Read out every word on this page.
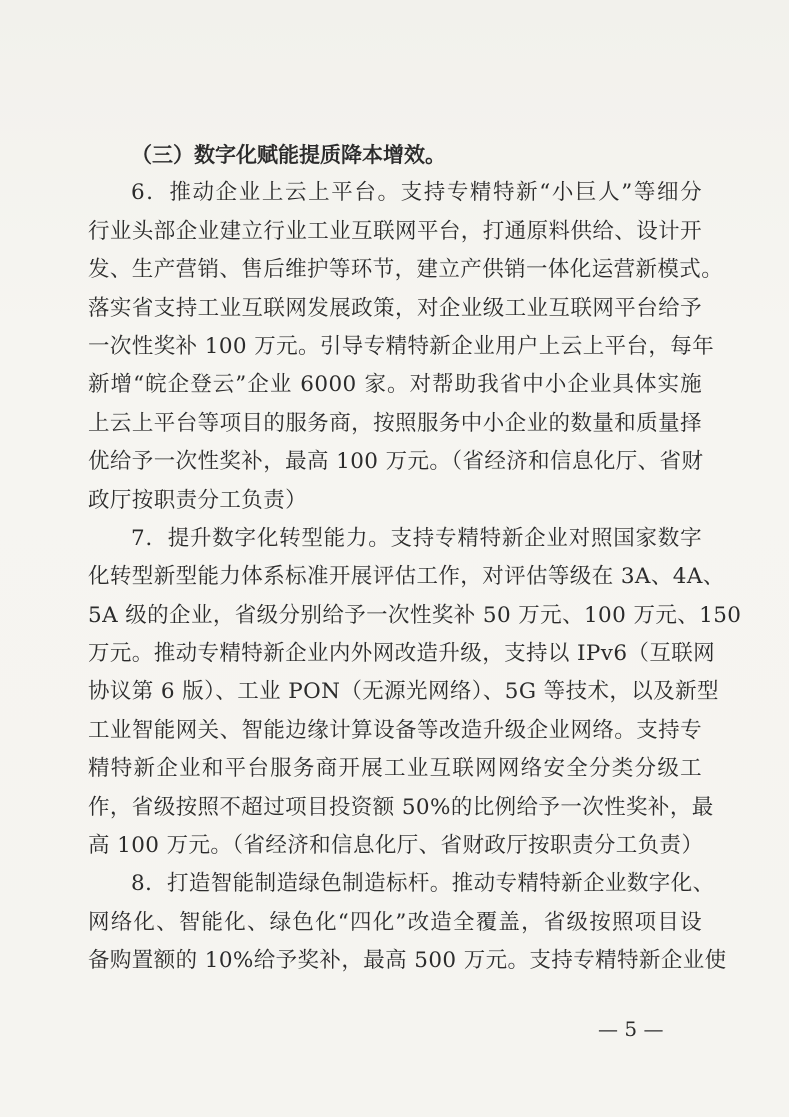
（三）数字化赋能提质降本增效。
6．推动企业上云上平台。支持专精特新“小巨人”等细分
行业头部企业建立行业工业互联网平台，打通原料供给、设计开
发、生产营销、售后维护等环节，建立产供销一体化运营新模式。
落实省支持工业互联网发展政策，对企业级工业互联网平台给予
一次性奖补 100 万元。引导专精特新企业用户上云上平台，每年
新增“皖企登云”企业 6000 家。对帮助我省中小企业具体实施
上云上平台等项目的服务商，按照服务中小企业的数量和质量择
优给予一次性奖补，最高 100 万元。（省经济和信息化厅、省财
政厅按职责分工负责）
7．提升数字化转型能力。支持专精特新企业对照国家数字
化转型新型能力体系标准开展评估工作，对评估等级在 3A、4A、
5A 级的企业，省级分别给予一次性奖补 50 万元、100 万元、150
万元。推动专精特新企业内外网改造升级，支持以 IPv6（互联网
协议第 6 版）、工业 PON（无源光网络）、5G 等技术，以及新型
工业智能网关、智能边缘计算设备等改造升级企业网络。支持专
精特新企业和平台服务商开展工业互联网网络安全分类分级工
作，省级按照不超过项目投资额 50%的比例给予一次性奖补，最
高 100 万元。（省经济和信息化厅、省财政厅按职责分工负责）
8．打造智能制造绿色制造标杆。推动专精特新企业数字化、
网络化、智能化、绿色化“四化”改造全覆盖，省级按照项目设
备购置额的 10%给予奖补，最高 500 万元。支持专精特新企业使
— 5 —
